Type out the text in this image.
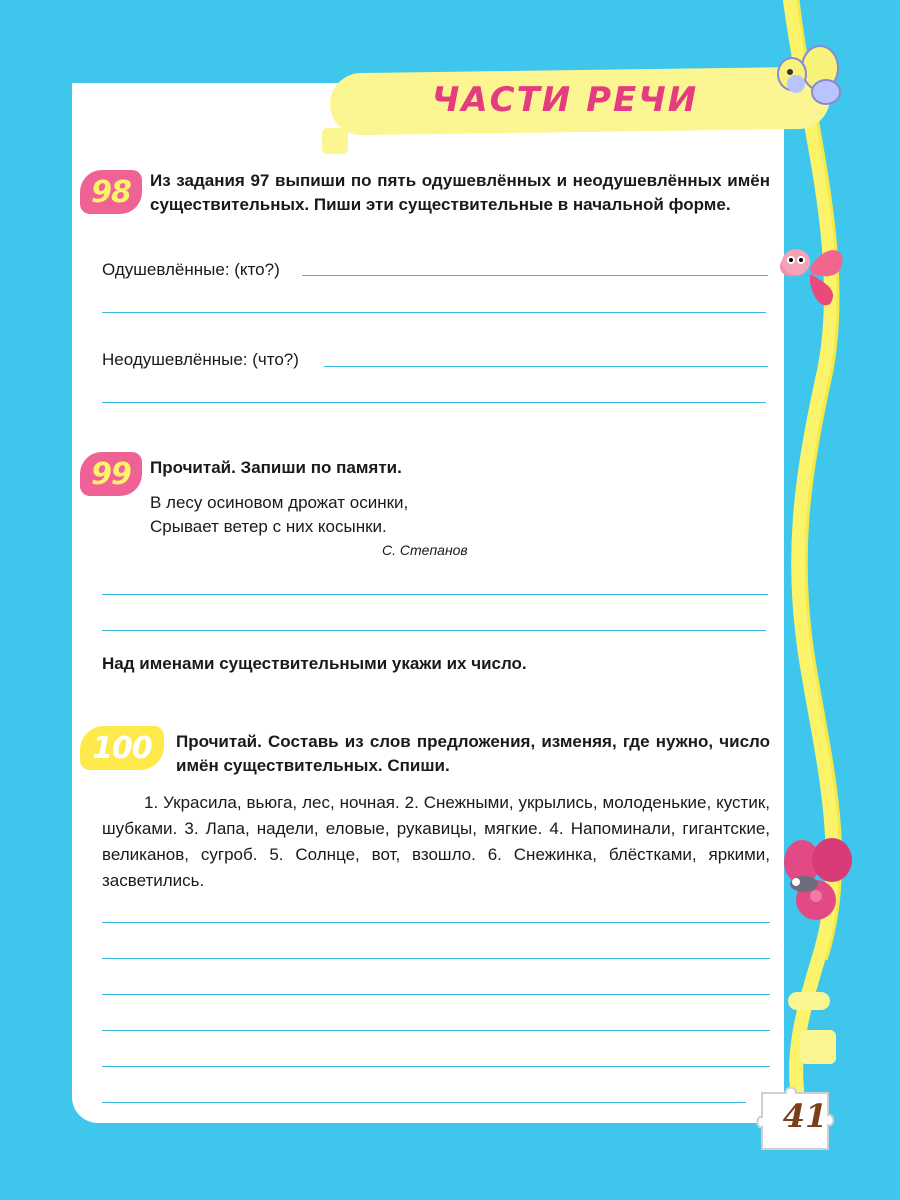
ЧАСТИ РЕЧИ
41
98	Из задания 97 выпиши по пять одушевлённых и неодушевлённых имён существительных. Пиши эти существительные в начальной форме.
Одушевлённые: (кто?)
Неодушевлённые: (что?)
99	Прочитай. Запиши по памяти.
В лесу осиновом дрожат осинки,
Срывает ветер с них косынки.
С. Степанов
Над именами существительными укажи их число.
100	Прочитай. Составь из слов предложения, изменяя, где нужно, число имён существительных. Спиши.
1. Украсила, вьюга, лес, ночная. 2. Снежными, укрылись, молоденькие, кустик, шубками. 3. Лапа, надели, еловые, рукавицы, мягкие. 4. Напоминали, гигантские, великанов, сугроб. 5. Солнце, вот, взошло. 6. Снежинка, блёстками, яркими, засветились.
